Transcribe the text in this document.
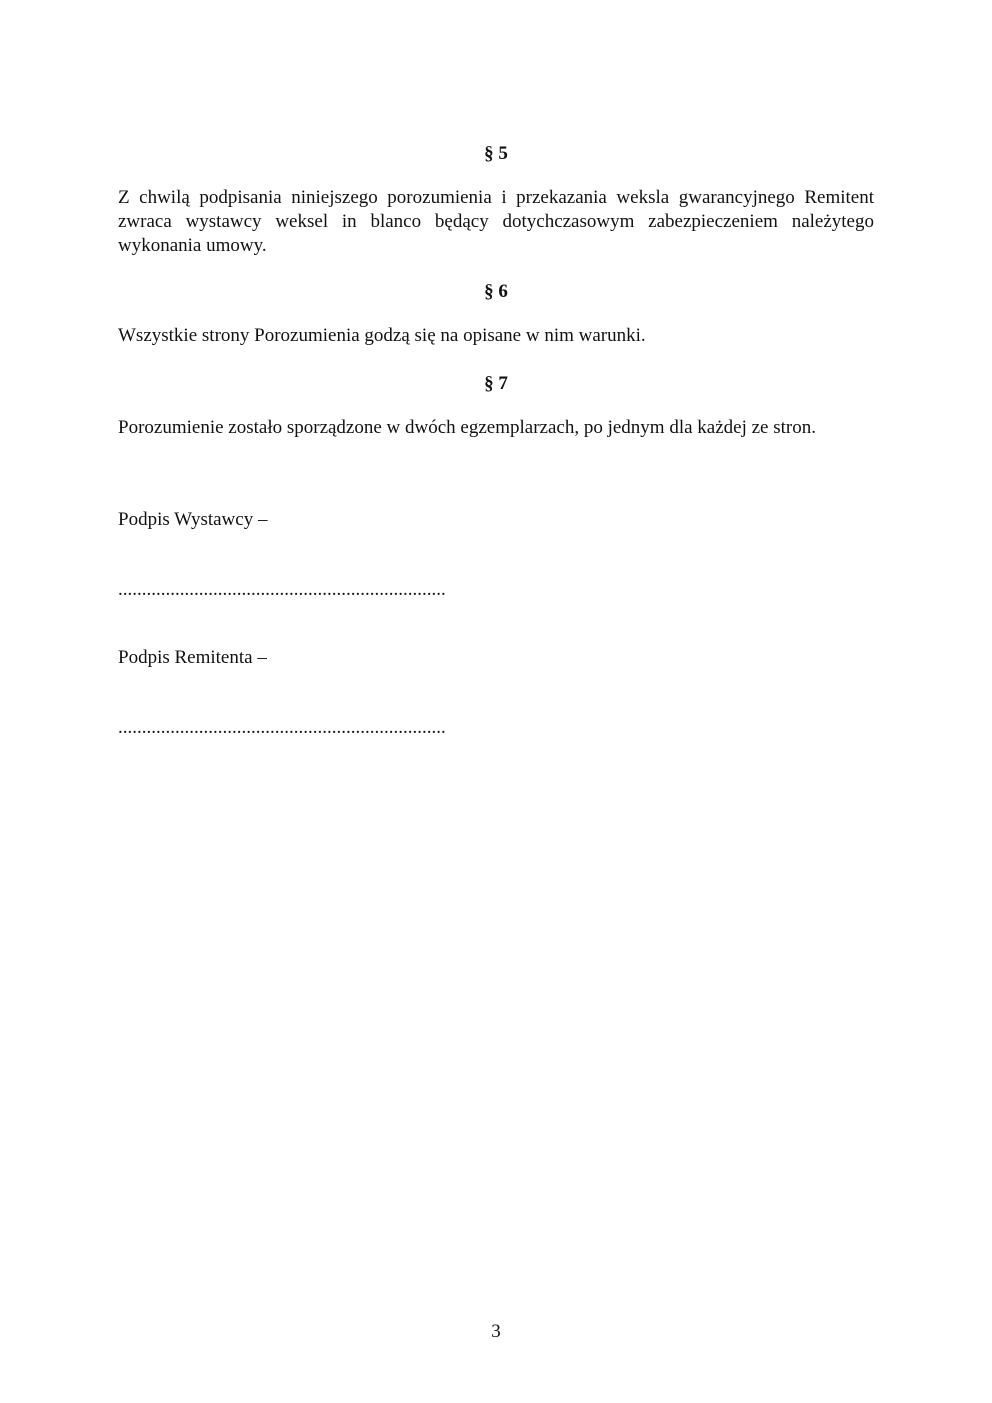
§ 5

Z chwilą podpisania niniejszego porozumienia i przekazania weksla gwarancyjnego Remitent zwraca wystawcy weksel in blanco będący dotychczasowym zabezpieczeniem należytego wykonania umowy.

§ 6

Wszystkie strony Porozumienia godzą się na opisane w nim warunki.

§ 7

Porozumienie zostało sporządzone w dwóch egzemplarzach, po jednym dla każdej ze stron.

Podpis Wystawcy –
.....................................................................
Podpis Remitenta –
.....................................................................
3
